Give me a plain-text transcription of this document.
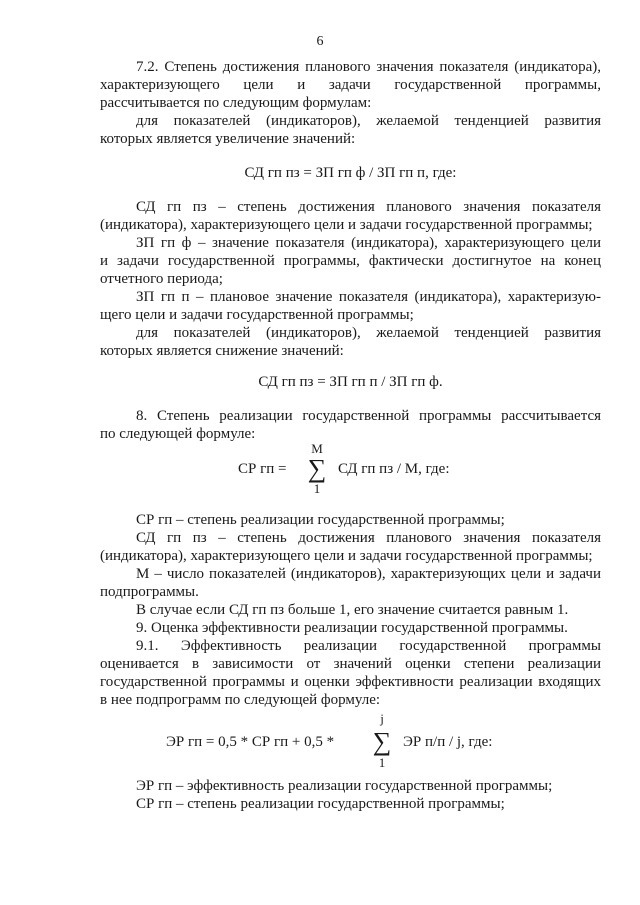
6

7.2. Степень достижения планового значения показателя (индикатора),

характеризующего цели и задачи государственной программы,

рассчитывается по следующим формулам:

для показателей (индикаторов), желаемой тенденцией развития

которых является увеличение значений:

СД гп пз = ЗП гп ф / ЗП гп п, где:

СД гп пз – степень достижения планового значения показателя

(индикатора), характеризующего цели и задачи государственной программы;

ЗП гп ф – значение показателя (индикатора), характеризующего цели

и задачи государственной программы, фактически достигнутое на конец

отчетного периода;

ЗП гп п – плановое значение показателя (индикатора), характеризую-

щего цели и задачи государственной программы;

для показателей (индикаторов), желаемой тенденцией развития

которых является снижение значений:

СД гп пз = ЗП гп п / ЗП гп ф.

8. Степень реализации государственной программы рассчитывается

по следующей формуле:

СР гп =
M
∑
1
СД гп пз / M, где:

СР гп – степень реализации государственной программы;

СД гп пз – степень достижения планового значения показателя

(индикатора), характеризующего цели и задачи государственной программы;

M – число показателей (индикаторов), характеризующих цели и задачи

подпрограммы.

В случае если СД гп пз больше 1, его значение считается равным 1.

9. Оценка эффективности реализации государственной программы.

9.1. Эффективность реализации государственной программы

оценивается в зависимости от значений оценки степени реализации

государственной программы и оценки эффективности реализации входящих

в нее подпрограмм по следующей формуле:

ЭР гп = 0,5 * СР гп + 0,5 *
j
∑
1
ЭР п/п / j, где:

ЭР гп – эффективность реализации государственной программы;

СР гп – степень реализации государственной программы;
